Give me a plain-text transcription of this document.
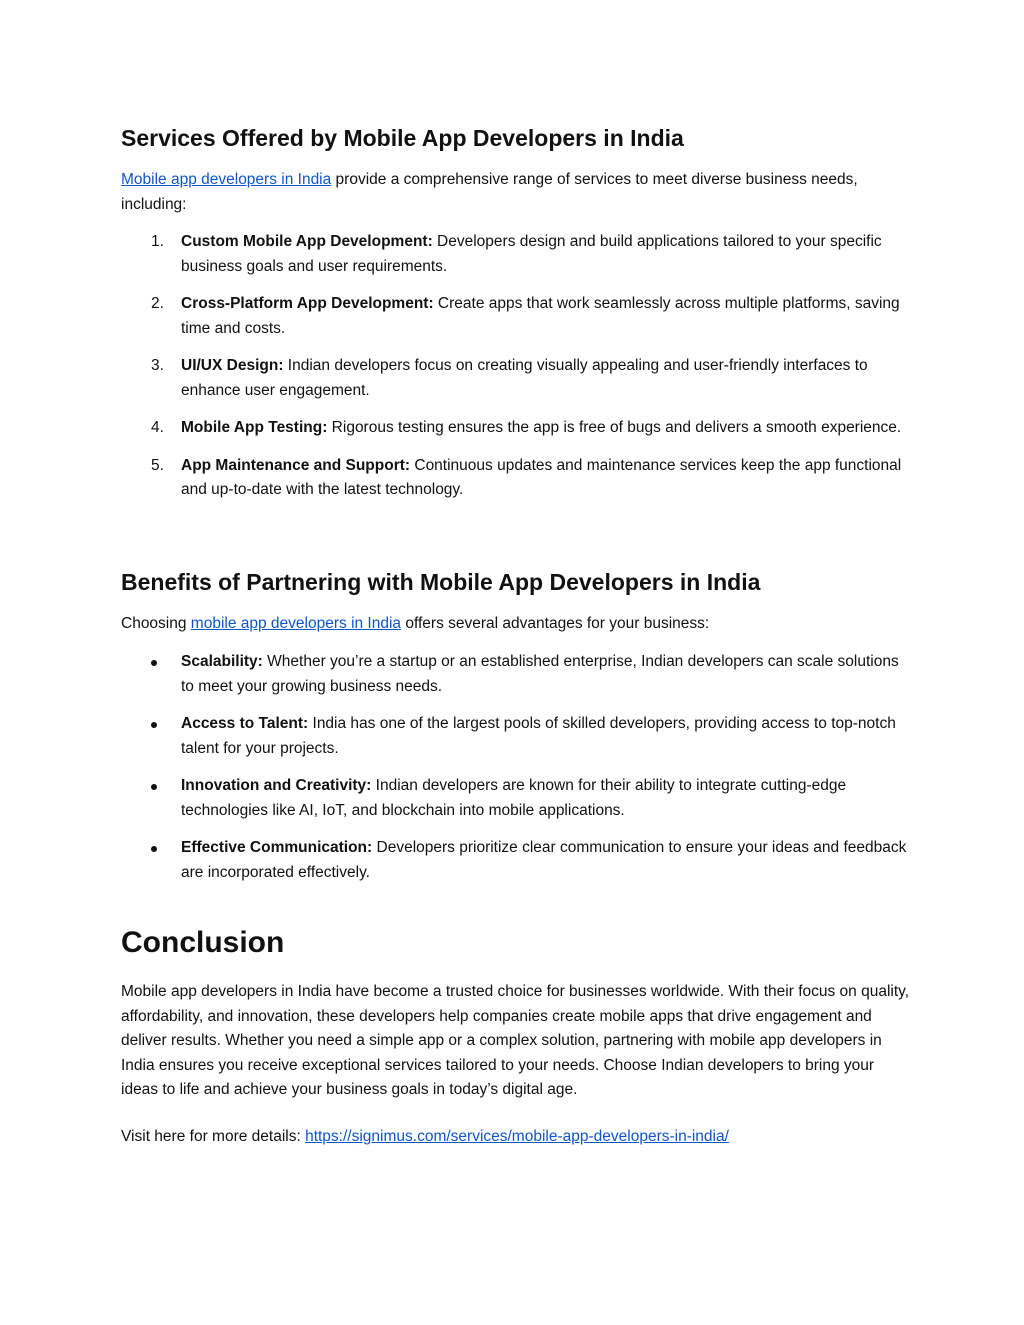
Services Offered by Mobile App Developers in India

Mobile app developers in India provide a comprehensive range of services to meet diverse business needs, including:

1.	Custom Mobile App Development: Developers design and build applications tailored to your specific business goals and user requirements.
2.	Cross-Platform App Development: Create apps that work seamlessly across multiple platforms, saving time and costs.
3.	UI/UX Design: Indian developers focus on creating visually appealing and user-friendly interfaces to enhance user engagement.
4.	Mobile App Testing: Rigorous testing ensures the app is free of bugs and delivers a smooth experience.
5.	App Maintenance and Support: Continuous updates and maintenance services keep the app functional and up-to-date with the latest technology.
Benefits of Partnering with Mobile App Developers in India

Choosing mobile app developers in India offers several advantages for your business:

Scalability: Whether you’re a startup or an established enterprise, Indian developers can scale solutions to meet your growing business needs.
Access to Talent: India has one of the largest pools of skilled developers, providing access to top-notch talent for your projects.
Innovation and Creativity: Indian developers are known for their ability to integrate cutting-edge technologies like AI, IoT, and blockchain into mobile applications.
Effective Communication: Developers prioritize clear communication to ensure your ideas and feedback are incorporated effectively.
Conclusion

Mobile app developers in India have become a trusted choice for businesses worldwide. With their focus on quality, affordability, and innovation, these developers help companies create mobile apps that drive engagement and deliver results. Whether you need a simple app or a complex solution, partnering with mobile app developers in India ensures you receive exceptional services tailored to your needs. Choose Indian developers to bring your ideas to life and achieve your business goals in today’s digital age.

Visit here for more details: https://signimus.com/services/mobile-app-developers-in-india/
